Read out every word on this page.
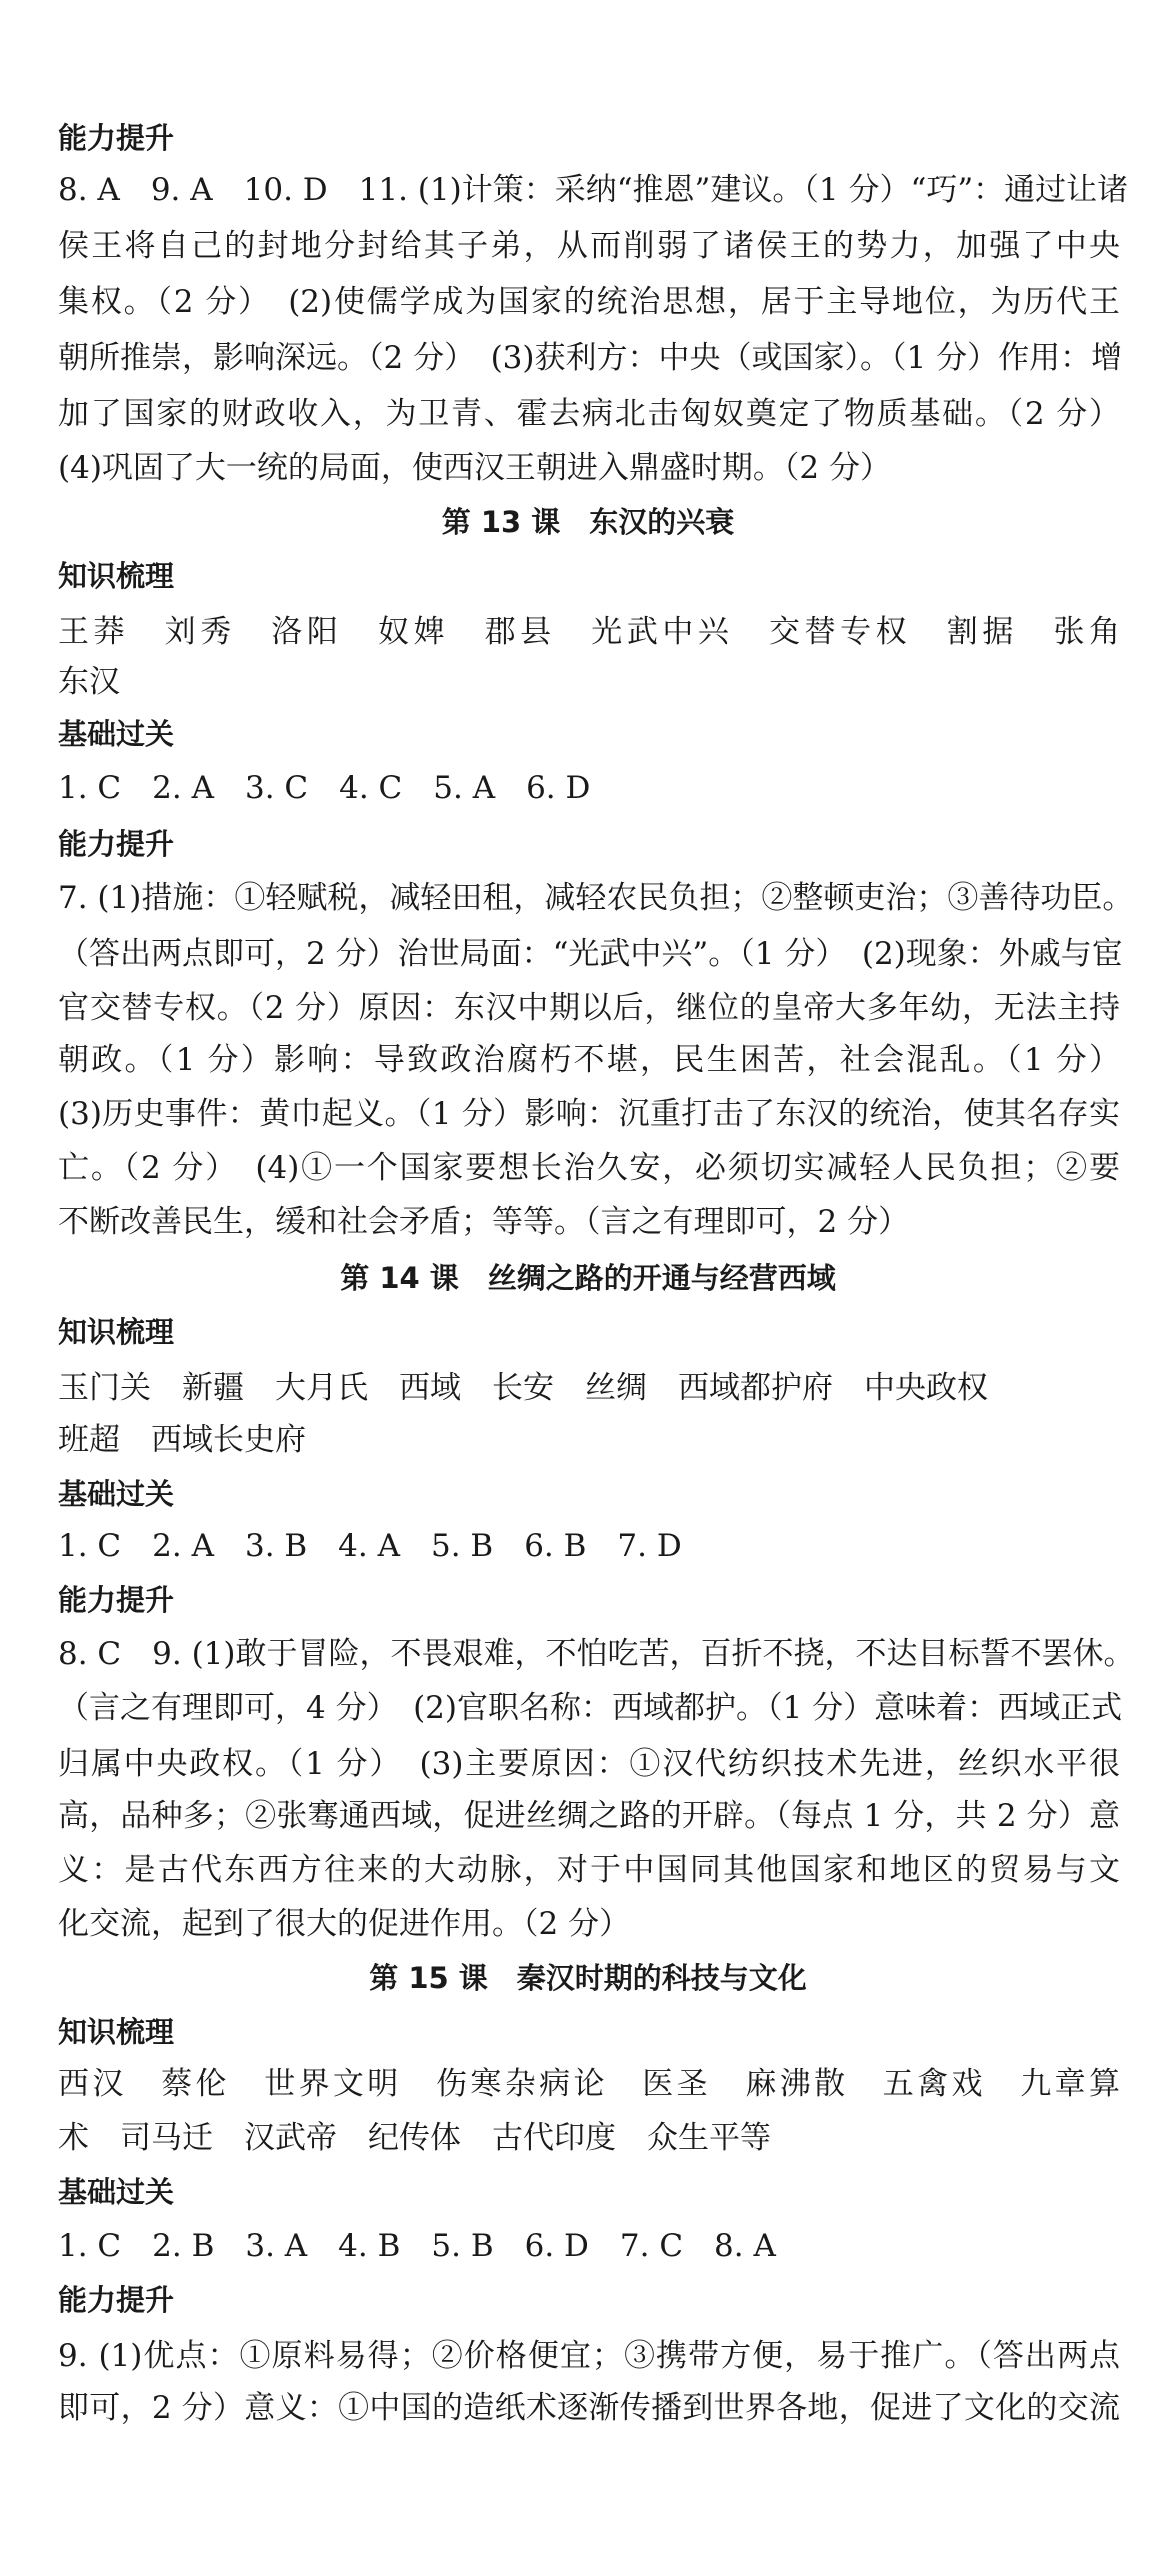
能力提升
8. A　9. A　10. D　11. (1)计策：采纳“推恩”建议。（1 分）“巧”：通过让诸
侯王将自己的封地分封给其子弟，从而削弱了诸侯王的势力，加强了中央
集权。（2 分）　(2)使儒学成为国家的统治思想，居于主导地位，为历代王
朝所推崇，影响深远。（2 分）　(3)获利方：中央（或国家）。（1 分）作用：增
加了国家的财政收入，为卫青、霍去病北击匈奴奠定了物质基础。（2 分）
(4)巩固了大一统的局面，使西汉王朝进入鼎盛时期。（2 分）
第 13 课　东汉的兴衰
知识梳理
王莽　刘秀　洛阳　奴婢　郡县　光武中兴　交替专权　割据　张角
东汉
基础过关
1. C　2. A　3. C　4. C　5. A　6. D
能力提升
7. (1)措施：①轻赋税，减轻田租，减轻农民负担；②整顿吏治；③善待功臣。
（答出两点即可，2 分）治世局面：“光武中兴”。（1 分）　(2)现象：外戚与宦
官交替专权。（2 分）原因：东汉中期以后，继位的皇帝大多年幼，无法主持
朝政。（1 分）影响：导致政治腐朽不堪，民生困苦，社会混乱。（1 分）
(3)历史事件：黄巾起义。（1 分）影响：沉重打击了东汉的统治，使其名存实
亡。（2 分）　(4)①一个国家要想长治久安，必须切实减轻人民负担；②要
不断改善民生，缓和社会矛盾；等等。（言之有理即可，2 分）
第 14 课　丝绸之路的开通与经营西域
知识梳理
玉门关　新疆　大月氏　西域　长安　丝绸　西域都护府　中央政权
班超　西域长史府
基础过关
1. C　2. A　3. B　4. A　5. B　6. B　7. D
能力提升
8. C　9. (1)敢于冒险，不畏艰难，不怕吃苦，百折不挠，不达目标誓不罢休。
（言之有理即可，4 分）　(2)官职名称：西域都护。（1 分）意味着：西域正式
归属中央政权。（1 分）　(3)主要原因：①汉代纺织技术先进，丝织水平很
高，品种多；②张骞通西域，促进丝绸之路的开辟。（每点 1 分，共 2 分）意
义：是古代东西方往来的大动脉，对于中国同其他国家和地区的贸易与文
化交流，起到了很大的促进作用。（2 分）
第 15 课　秦汉时期的科技与文化
知识梳理
西汉　蔡伦　世界文明　伤寒杂病论　医圣　麻沸散　五禽戏　九章算
术　司马迁　汉武帝　纪传体　古代印度　众生平等
基础过关
1. C　2. B　3. A　4. B　5. B　6. D　7. C　8. A
能力提升
9. (1)优点：①原料易得；②价格便宜；③携带方便，易于推广。（答出两点
即可，2 分）意义：①中国的造纸术逐渐传播到世界各地，促进了文化的交流
